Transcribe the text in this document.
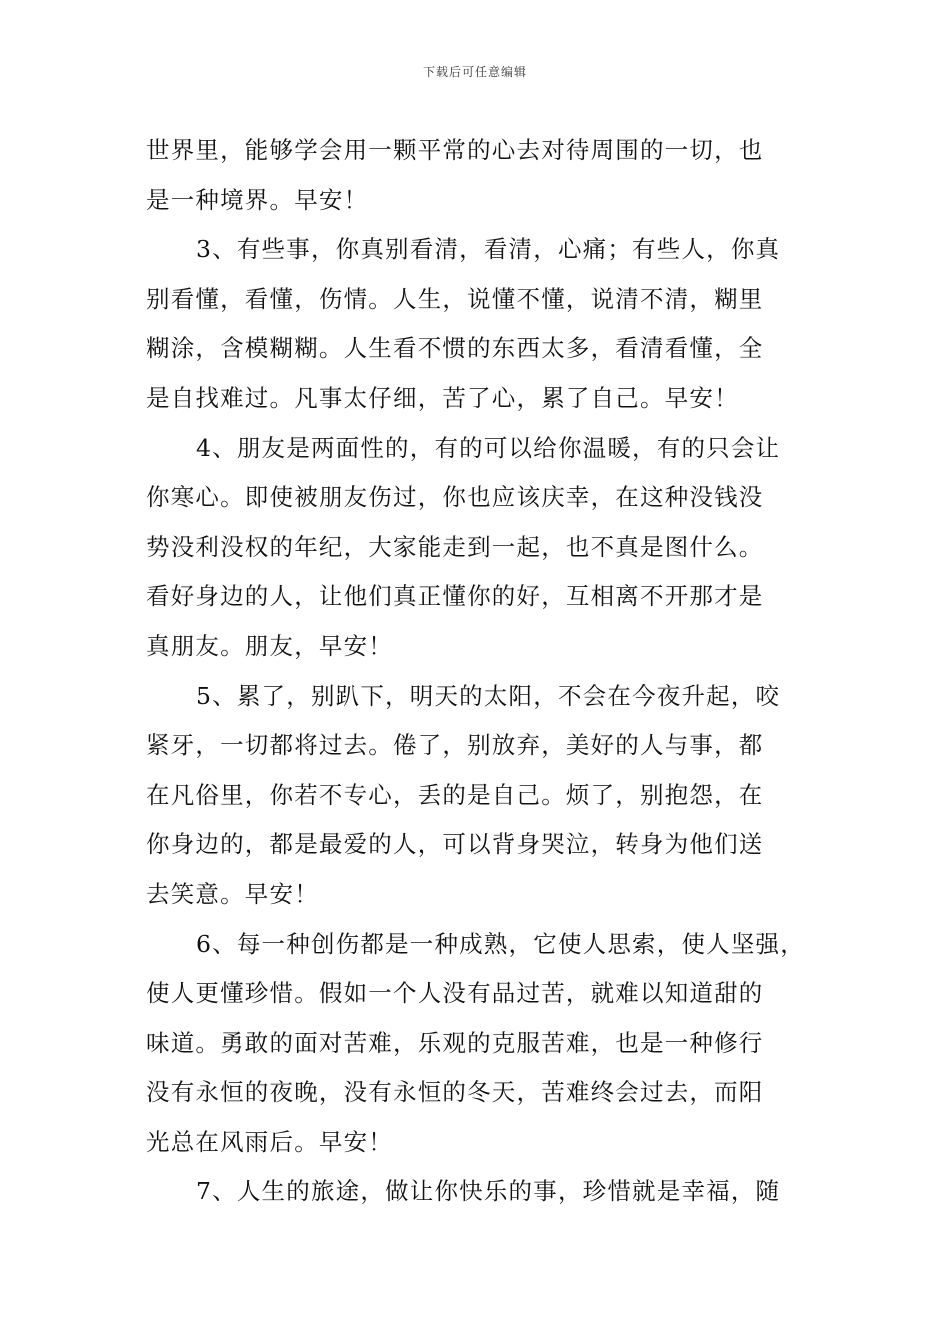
下载后可任意编辑
世界里，能够学会用一颗平常的心去对待周围的一切，也
是一种境界。早安！
3、有些事，你真别看清，看清，心痛；有些人，你真
别看懂，看懂，伤情。人生，说懂不懂，说清不清，糊里
糊涂，含模糊糊。人生看不惯的东西太多，看清看懂，全
是自找难过。凡事太仔细，苦了心，累了自己。早安！
4、朋友是两面性的，有的可以给你温暖，有的只会让
你寒心。即使被朋友伤过，你也应该庆幸，在这种没钱没
势没利没权的年纪，大家能走到一起，也不真是图什么。
看好身边的人，让他们真正懂你的好，互相离不开那才是
真朋友。朋友，早安！
5、累了，别趴下，明天的太阳，不会在今夜升起，咬
紧牙，一切都将过去。倦了，别放弃，美好的人与事，都
在凡俗里，你若不专心，丢的是自己。烦了，别抱怨，在
你身边的，都是最爱的人，可以背身哭泣，转身为他们送
去笑意。早安！
6、每一种创伤都是一种成熟，它使人思索，使人坚强，
使人更懂珍惜。假如一个人没有品过苦，就难以知道甜的
味道。勇敢的面对苦难，乐观的克服苦难，也是一种修行
没有永恒的夜晚，没有永恒的冬天，苦难终会过去，而阳
光总在风雨后。早安！
7、人生的旅途，做让你快乐的事，珍惜就是幸福，随
